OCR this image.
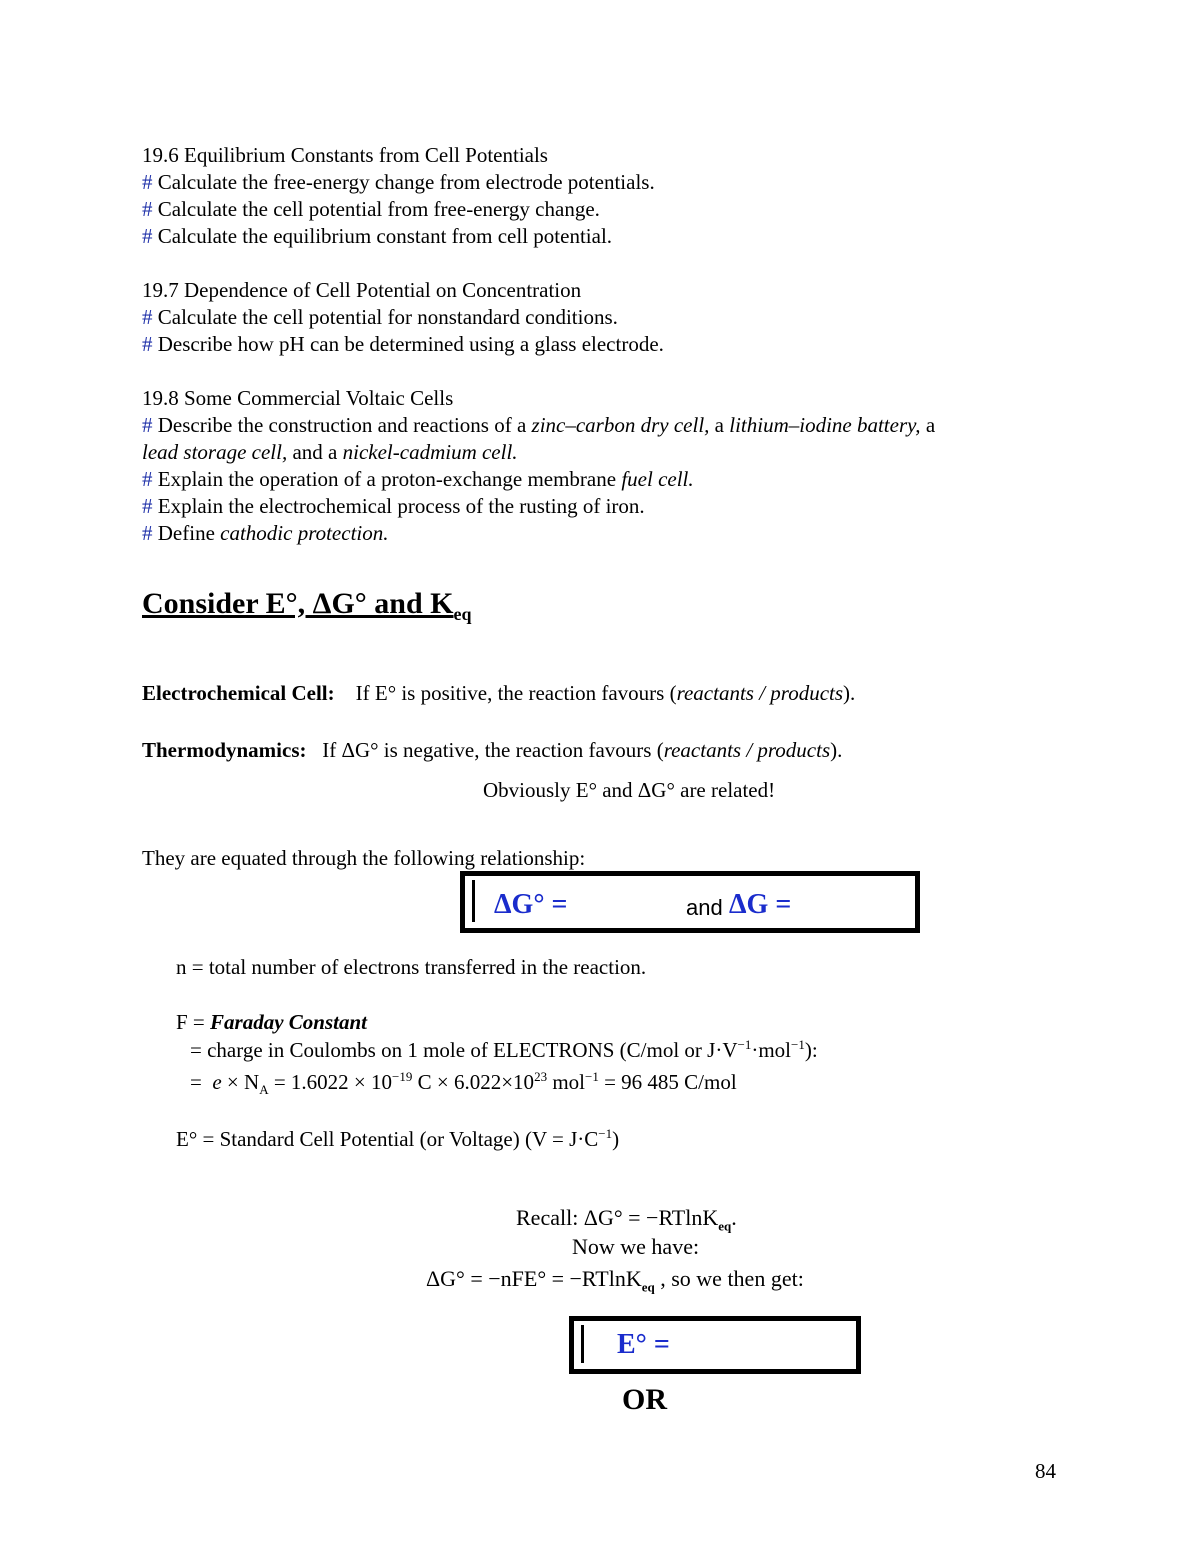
19.6 Equilibrium Constants from Cell Potentials
# Calculate the free-energy change from electrode potentials.
# Calculate the cell potential from free-energy change.
# Calculate the equilibrium constant from cell potential.
19.7 Dependence of Cell Potential on Concentration
# Calculate the cell potential for nonstandard conditions.
# Describe how pH can be determined using a glass electrode.
19.8 Some Commercial Voltaic Cells
# Describe the construction and reactions of a zinc–carbon dry cell, a lithium–iodine battery, a
lead storage cell, and a nickel-cadmium cell.
# Explain the operation of a proton-exchange membrane fuel cell.
# Explain the electrochemical process of the rusting of iron.
# Define cathodic protection.
Consider E°, ΔG° and $K_{eq}$
Electrochemical Cell: If E° is positive, the reaction favours (reactants / products).
Thermodynamics: If ΔG° is negative, the reaction favours (reactants / products).
Obviously E° and ΔG° are related!
They are equated through the following relationship:
ΔG° =	and ΔG =
n = total number of electrons transferred in the reaction.
F = Faraday Constant
= charge in Coulombs on 1 mole of ELECTRONS (C/mol or $J\cdot V^{-1}\cdot mol^{-1}$):
=  $e \times N_A = 1.6022 \times 10^{-19}$ $C \times 6.022\times 10^{23}$ mol$^{-1}$ = 96 485 C/mol
E° = Standard Cell Potential (or Voltage) $(V = J\cdot C^{-1})$
Recall: ΔG° = −RTlnK$_{eq}$.
Now we have:
ΔG° = −nFE° = −RTlnK$_{eq}$ , so we then get:
E° =
OR
84
